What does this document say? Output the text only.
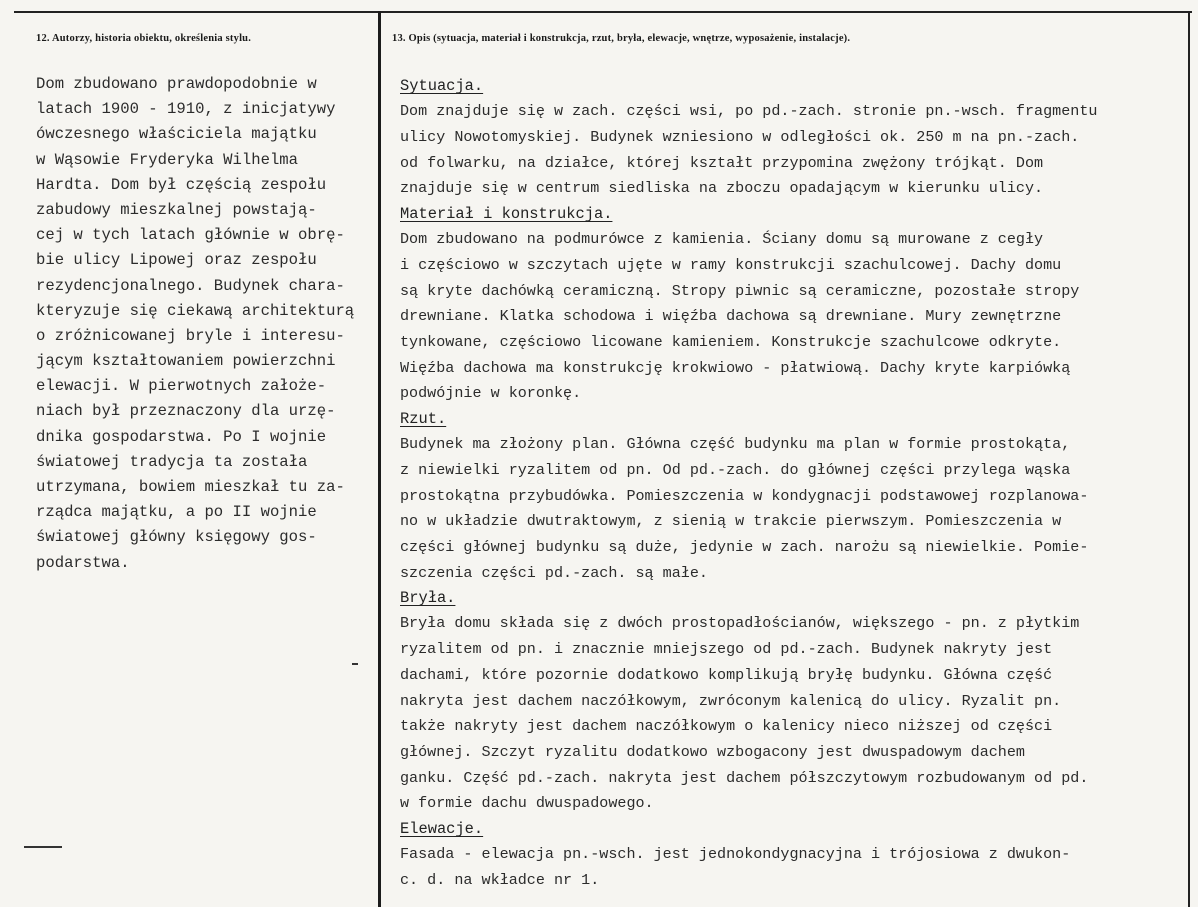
12. Autorzy, historia obiektu, określenia stylu.	13. Opis (sytuacja, materiał i konstrukcja, rzut, bryła, elewacje, wnętrze, wyposażenie, instalacje).
Dom zbudowano prawdopodobnie w
latach 1900 - 1910, z inicjatywy
ówczesnego właściciela majątku
w Wąsowie Fryderyka Wilhelma
Hardta. Dom był częścią zespołu
zabudowy mieszkalnej powstają-
cej w tych latach głównie w obrę-
bie ulicy Lipowej oraz zespołu
rezydencjonalnego. Budynek chara-
kteryzuje się ciekawą architekturą
o zróżnicowanej bryle i interesu-
jącym kształtowaniem powierzchni
elewacji. W pierwotnych założe-
niach był przeznaczony dla urzę-
dnika gospodarstwa. Po I wojnie
światowej tradycja ta została
utrzymana, bowiem mieszkał tu za-
rządca majątku, a po II wojnie
światowej główny księgowy gos-
podarstwa.
Sytuacja.
Dom znajduje się w zach. części wsi, po pd.-zach. stronie pn.-wsch. fragmentu
ulicy Nowotomyskiej. Budynek wzniesiono w odległości ok. 250 m na pn.-zach.
od folwarku, na działce, której kształt przypomina zwężony trójkąt. Dom
znajduje się w centrum siedliska na zboczu opadającym w kierunku ulicy.
Materiał i konstrukcja.
Dom zbudowano na podmurówce z kamienia. Ściany domu są murowane z cegły
i częściowo w szczytach ujęte w ramy konstrukcji szachulcowej. Dachy domu
są kryte dachówką ceramiczną. Stropy piwnic są ceramiczne, pozostałe stropy
drewniane. Klatka schodowa i więźba dachowa są drewniane. Mury zewnętrzne
tynkowane, częściowo licowane kamieniem. Konstrukcje szachulcowe odkryte.
Więźba dachowa ma konstrukcję krokwiowo - płatwiową. Dachy kryte karpiówką
podwójnie w koronkę.
Rzut.
Budynek ma złożony plan. Główna część budynku ma plan w formie prostokąta,
z niewielki ryzalitem od pn. Od pd.-zach. do głównej części przylega wąska
prostokątna przybudówka. Pomieszczenia w kondygnacji podstawowej rozplanowa-
no w układzie dwutraktowym, z sienią w trakcie pierwszym. Pomieszczenia w
części głównej budynku są duże, jedynie w zach. narożu są niewielkie. Pomie-
szczenia części pd.-zach. są małe.
Bryła.
Bryła domu składa się z dwóch prostopadłościanów, większego - pn. z płytkim
ryzalitem od pn. i znacznie mniejszego od pd.-zach. Budynek nakryty jest
dachami, które pozornie dodatkowo komplikują bryłę budynku. Główna część
nakryta jest dachem naczółkowym, zwróconym kalenicą do ulicy. Ryzalit pn.
także nakryty jest dachem naczółkowym o kalenicy nieco niższej od części
głównej. Szczyt ryzalitu dodatkowo wzbogacony jest dwuspadowym dachem
ganku. Część pd.-zach. nakryta jest dachem półszczytowym rozbudowanym od pd.
w formie dachu dwuspadowego.
Elewacje.
Fasada - elewacja pn.-wsch. jest jednokondygnacyjna i trójosiowa z dwukon-
c. d. na wkładce nr 1.
